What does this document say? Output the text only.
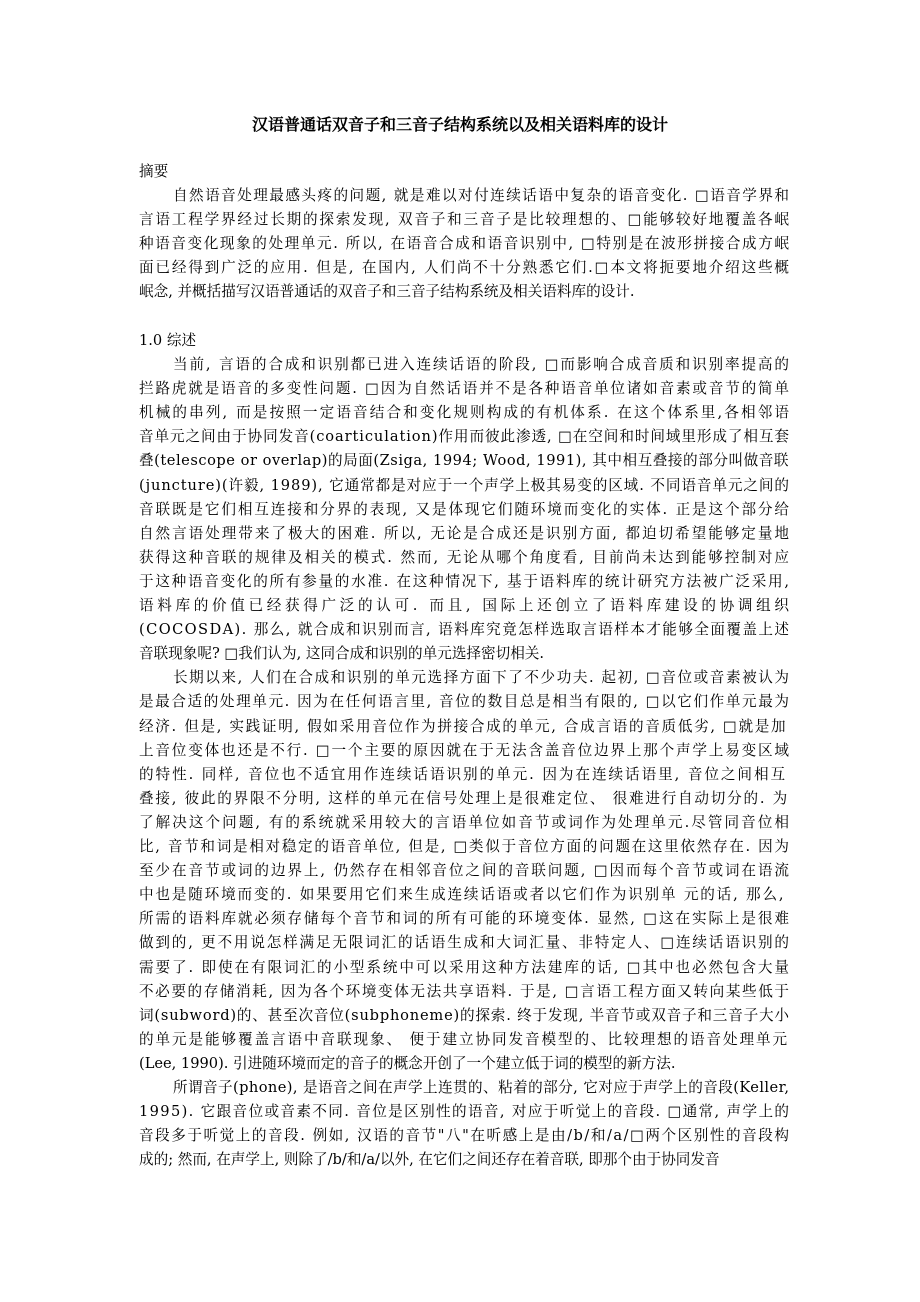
汉语普通话双音子和三音子结构系统以及相关语料库的设计
摘要
自然语音处理最感头疼的问题, 就是难以对付连续话语中复杂的语音变化. □语音学界和
言语工程学界经过长期的探索发现, 双音子和三音子是比较理想的、□能够较好地覆盖各岷
种语音变化现象的处理单元. 所以, 在语音合成和语音识别中, □特别是在波形拼接合成方岷
面已经得到广泛的应用. 但是, 在国内, 人们尚不十分熟悉它们.□本文将扼要地介绍这些概
岷念, 并概括描写汉语普通话的双音子和三音子结构系统及相关语料库的设计.
1.0 综述
当前, 言语的合成和识别都已进入连续话语的阶段, □而影响合成音质和识别率提高的
拦路虎就是语音的多变性问题. □因为自然话语并不是各种语音单位诸如音素或音节的简单
机械的串列, 而是按照一定语音结合和变化规则构成的有机体系. 在这个体系里,各相邻语
音单元之间由于协同发音(coarticulation)作用而彼此渗透, □在空间和时间域里形成了相互套
叠(telescope or overlap)的局面(Zsiga, 1994; Wood, 1991), 其中相互叠接的部分叫做音联
(juncture)(许毅, 1989), 它通常都是对应于一个声学上极其易变的区域. 不同语音单元之间的
音联既是它们相互连接和分界的表现, 又是体现它们随环境而变化的实体. 正是这个部分给
自然言语处理带来了极大的困难. 所以, 无论是合成还是识别方面, 都迫切希望能够定量地
获得这种音联的规律及相关的模式. 然而, 无论从哪个角度看, 目前尚未达到能够控制对应
于这种语音变化的所有参量的水准. 在这种情况下, 基于语料库的统计研究方法被广泛采用,
语料库的价值已经获得广泛的认可. 而且, 国际上还创立了语料库建设的协调组织
(COCOSDA). 那么, 就合成和识别而言, 语料库究竟怎样选取言语样本才能够全面覆盖上述
音联现象呢? □我们认为, 这同合成和识别的单元选择密切相关.
长期以来, 人们在合成和识别的单元选择方面下了不少功夫. 起初, □音位或音素被认为
是最合适的处理单元. 因为在任何语言里, 音位的数目总是相当有限的, □以它们作单元最为
经济. 但是, 实践证明, 假如采用音位作为拼接合成的单元, 合成言语的音质低劣, □就是加
上音位变体也还是不行. □一个主要的原因就在于无法含盖音位边界上那个声学上易变区域
的特性. 同样, 音位也不适宜用作连续话语识别的单元. 因为在连续话语里, 音位之间相互
叠接, 彼此的界限不分明, 这样的单元在信号处理上是很难定位、 很难进行自动切分的. 为
了解决这个问题, 有的系统就采用较大的言语单位如音节或词作为处理单元.尽管同音位相
比, 音节和词是相对稳定的语音单位, 但是, □类似于音位方面的问题在这里依然存在. 因为
至少在音节或词的边界上, 仍然存在相邻音位之间的音联问题, □因而每个音节或词在语流
中也是随环境而变的. 如果要用它们来生成连续话语或者以它们作为识别单 元的话, 那么,
所需的语料库就必须存储每个音节和词的所有可能的环境变体. 显然, □这在实际上是很难
做到的, 更不用说怎样满足无限词汇的话语生成和大词汇量、非特定人、□连续话语识别的
需要了. 即使在有限词汇的小型系统中可以采用这种方法建库的话, □其中也必然包含大量
不必要的存储消耗, 因为各个环境变体无法共享语料. 于是, □言语工程方面又转向某些低于
词(subword)的、甚至次音位(subphoneme)的探索. 终于发现, 半音节或双音子和三音子大小
的单元是能够覆盖言语中音联现象、 便于建立协同发音模型的、比较理想的语音处理单元
(Lee, 1990). 引进随环境而定的音子的概念开创了一个建立低于词的模型的新方法.
所谓音子(phone), 是语音之间在声学上连贯的、粘着的部分, 它对应于声学上的音段(Keller,
1995). 它跟音位或音素不同. 音位是区别性的语音, 对应于听觉上的音段. □通常, 声学上的
音段多于听觉上的音段. 例如, 汉语的音节"八"在听感上是由/b/和/a/□两个区别性的音段构
成的; 然而, 在声学上, 则除了/b/和/a/以外, 在它们之间还存在着音联, 即那个由于协同发音
